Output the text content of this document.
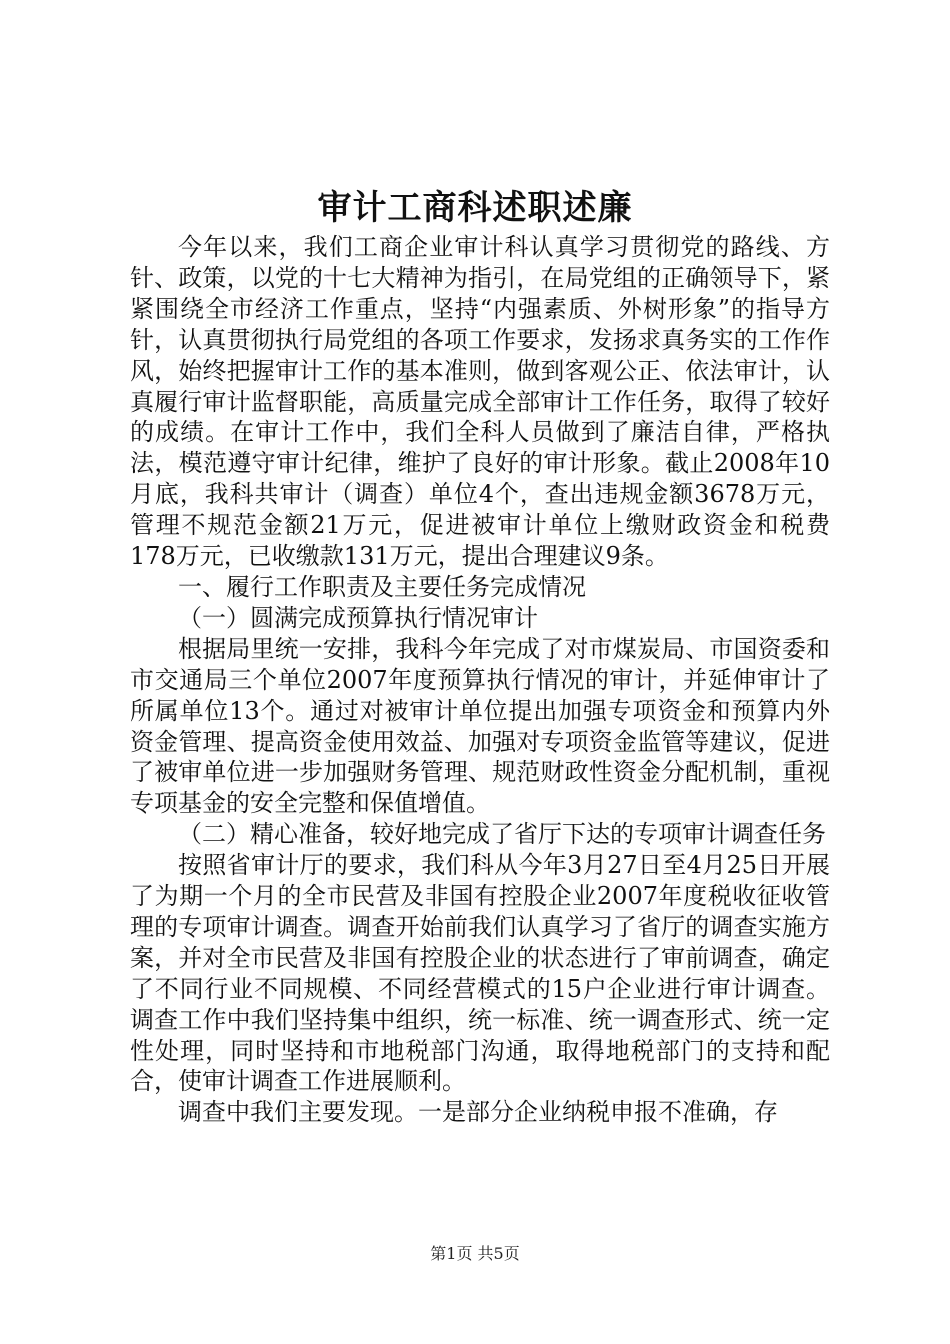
审计工商科述职述廉

今年以来，我们工商企业审计科认真学习贯彻党的路线、方针、政策，以党的十七大精神为指引，在局党组的正确领导下，紧紧围绕全市经济工作重点，坚持“内强素质、外树形象”的指导方针，认真贯彻执行局党组的各项工作要求，发扬求真务实的工作作风，始终把握审计工作的基本准则，做到客观公正、依法审计，认真履行审计监督职能，高质量完成全部审计工作任务，取得了较好的成绩。在审计工作中，我们全科人员做到了廉洁自律，严格执法，模范遵守审计纪律，维护了良好的审计形象。截止2008年10月底，我科共审计（调查）单位4个，查出违规金额3678万元，管理不规范金额21万元，促进被审计单位上缴财政资金和税费178万元，已收缴款131万元，提出合理建议9条。

一、履行工作职责及主要任务完成情况

（一）圆满完成预算执行情况审计

根据局里统一安排，我科今年完成了对市煤炭局、市国资委和市交通局三个单位2007年度预算执行情况的审计，并延伸审计了所属单位13个。通过对被审计单位提出加强专项资金和预算内外资金管理、提高资金使用效益、加强对专项资金监管等建议，促进了被审单位进一步加强财务管理、规范财政性资金分配机制，重视专项基金的安全完整和保值增值。

（二）精心准备，较好地完成了省厅下达的专项审计调查任务

按照省审计厅的要求，我们科从今年3月27日至4月25日开展了为期一个月的全市民营及非国有控股企业2007年度税收征收管理的专项审计调查。调查开始前我们认真学习了省厅的调查实施方案，并对全市民营及非国有控股企业的状态进行了审前调查，确定了不同行业不同规模、不同经营模式的15户企业进行审计调查。调查工作中我们坚持集中组织，统一标准、统一调查形式、统一定性处理，同时坚持和市地税部门沟通，取得地税部门的支持和配合，使审计调查工作进展顺利。

调查中我们主要发现。一是部分企业纳税申报不准确，存

第1页 共5页
